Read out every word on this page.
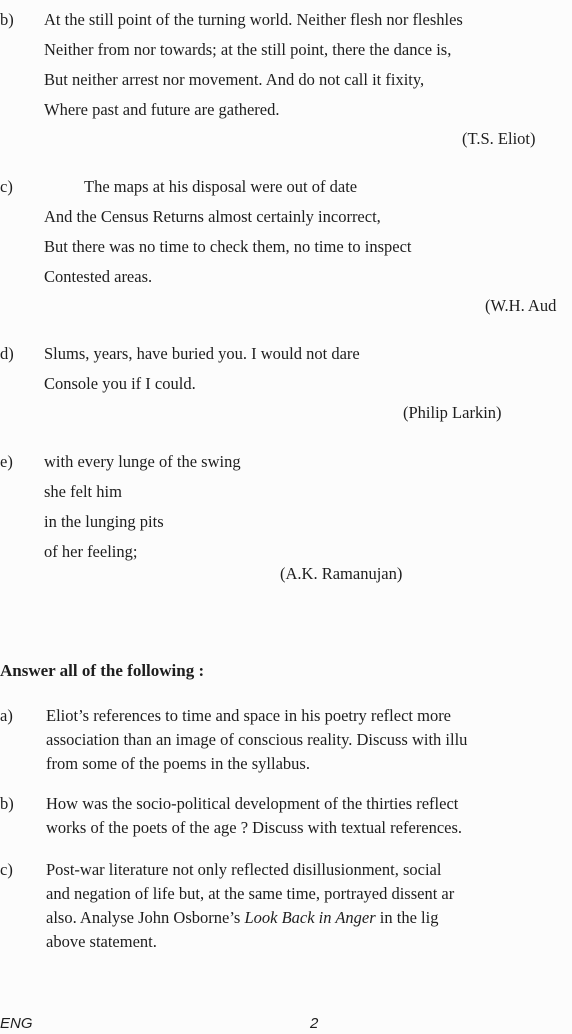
b) At the still point of the turning world. Neither flesh nor fleshles
Neither from nor towards; at the still point, there the dance is,
But neither arrest nor movement. And do not call it fixity,
Where past and future are gathered.
(T.S. Eliot)
c)	The maps at his disposal were out of date
And the Census Returns almost certainly incorrect,
But there was no time to check them, no time to inspect
Contested areas.
(W.H. Aud
d) Slums, years, have buried you. I would not dare
Console you if I could.
(Philip Larkin)
e) with every lunge of the swing
she felt him
in the lunging pits
of her feeling;
(A.K. Ramanujan)
Answer all of the following :
a) Eliot’s references to time and space in his poetry reflect more
association than an image of conscious reality. Discuss with illu
from some of the poems in the syllabus.
b) How was the socio-political development of the thirties reflect
works of the poets of the age ? Discuss with textual references.
c) Post-war literature not only reflected disillusionment, social
and negation of life but, at the same time, portrayed dissent ar
also. Analyse John Osborne’s Look Back in Anger in the lig
above statement.
ENG	2
